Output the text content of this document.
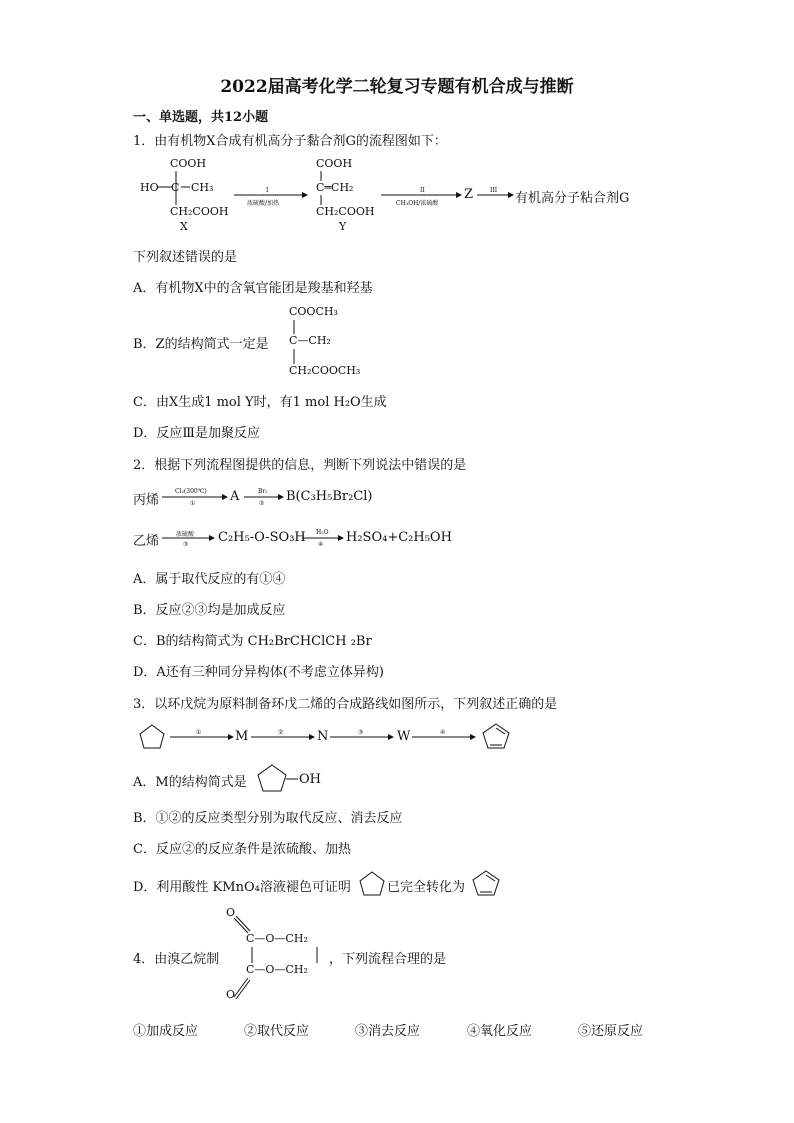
2022届高考化学二轮复习专题有机合成与推断
一、单选题，共12小题
1．由有机物X合成有机高分子黏合剂G的流程图如下：
COOH
HO	CH₃
CH₂COOH
X
C	I
浓硫酸/加热
COOH
C═CH₂
CH₂COOH
Y
II
CH₃OH/浓硫酸
Z	III
有机高分子粘合剂G
下列叙述错误的是
A．有机物X中的含氧官能团是羧基和羟基
B．Z的结构简式一定是
COOCH₃
C—CH₂
CH₂COOCH₃
C．由X生成1 mol Y时，有1 mol H₂O生成
D．反应Ⅲ是加聚反应
2．根据下列流程图提供的信息，判断下列说法中错误的是
丙烯
Cl₂(300℃)
①	A	Br₂
② B(C₃H₅Br₂Cl)
乙烯	浓硫酸
③ C₂H₅-O-SO₃H H₂O
④ H₂SO₄+C₂H₅OH
A．属于取代反应的有①④
B．反应②③均是加成反应
C．B的结构简式为 CH₂BrCHClCH ₂Br
D．A还有三种同分异构体(不考虑立体异构)
3．以环戊烷为原料制备环戊二烯的合成路线如图所示，下列叙述正确的是
①	M	②	N	③	W	④
A．M的结构简式是	OH
B．①②的反应类型分别为取代反应、消去反应
C．反应②的反应条件是浓硫酸、加热
D．利用酸性 KMnO₄溶液褪色可证明	已完全转化为
4．由溴乙烷制
O
C—O—CH₂
C—O—CH₂
O
，下列流程合理的是
①加成反应	②取代反应	③消去反应	④氧化反应	⑤还原反应
